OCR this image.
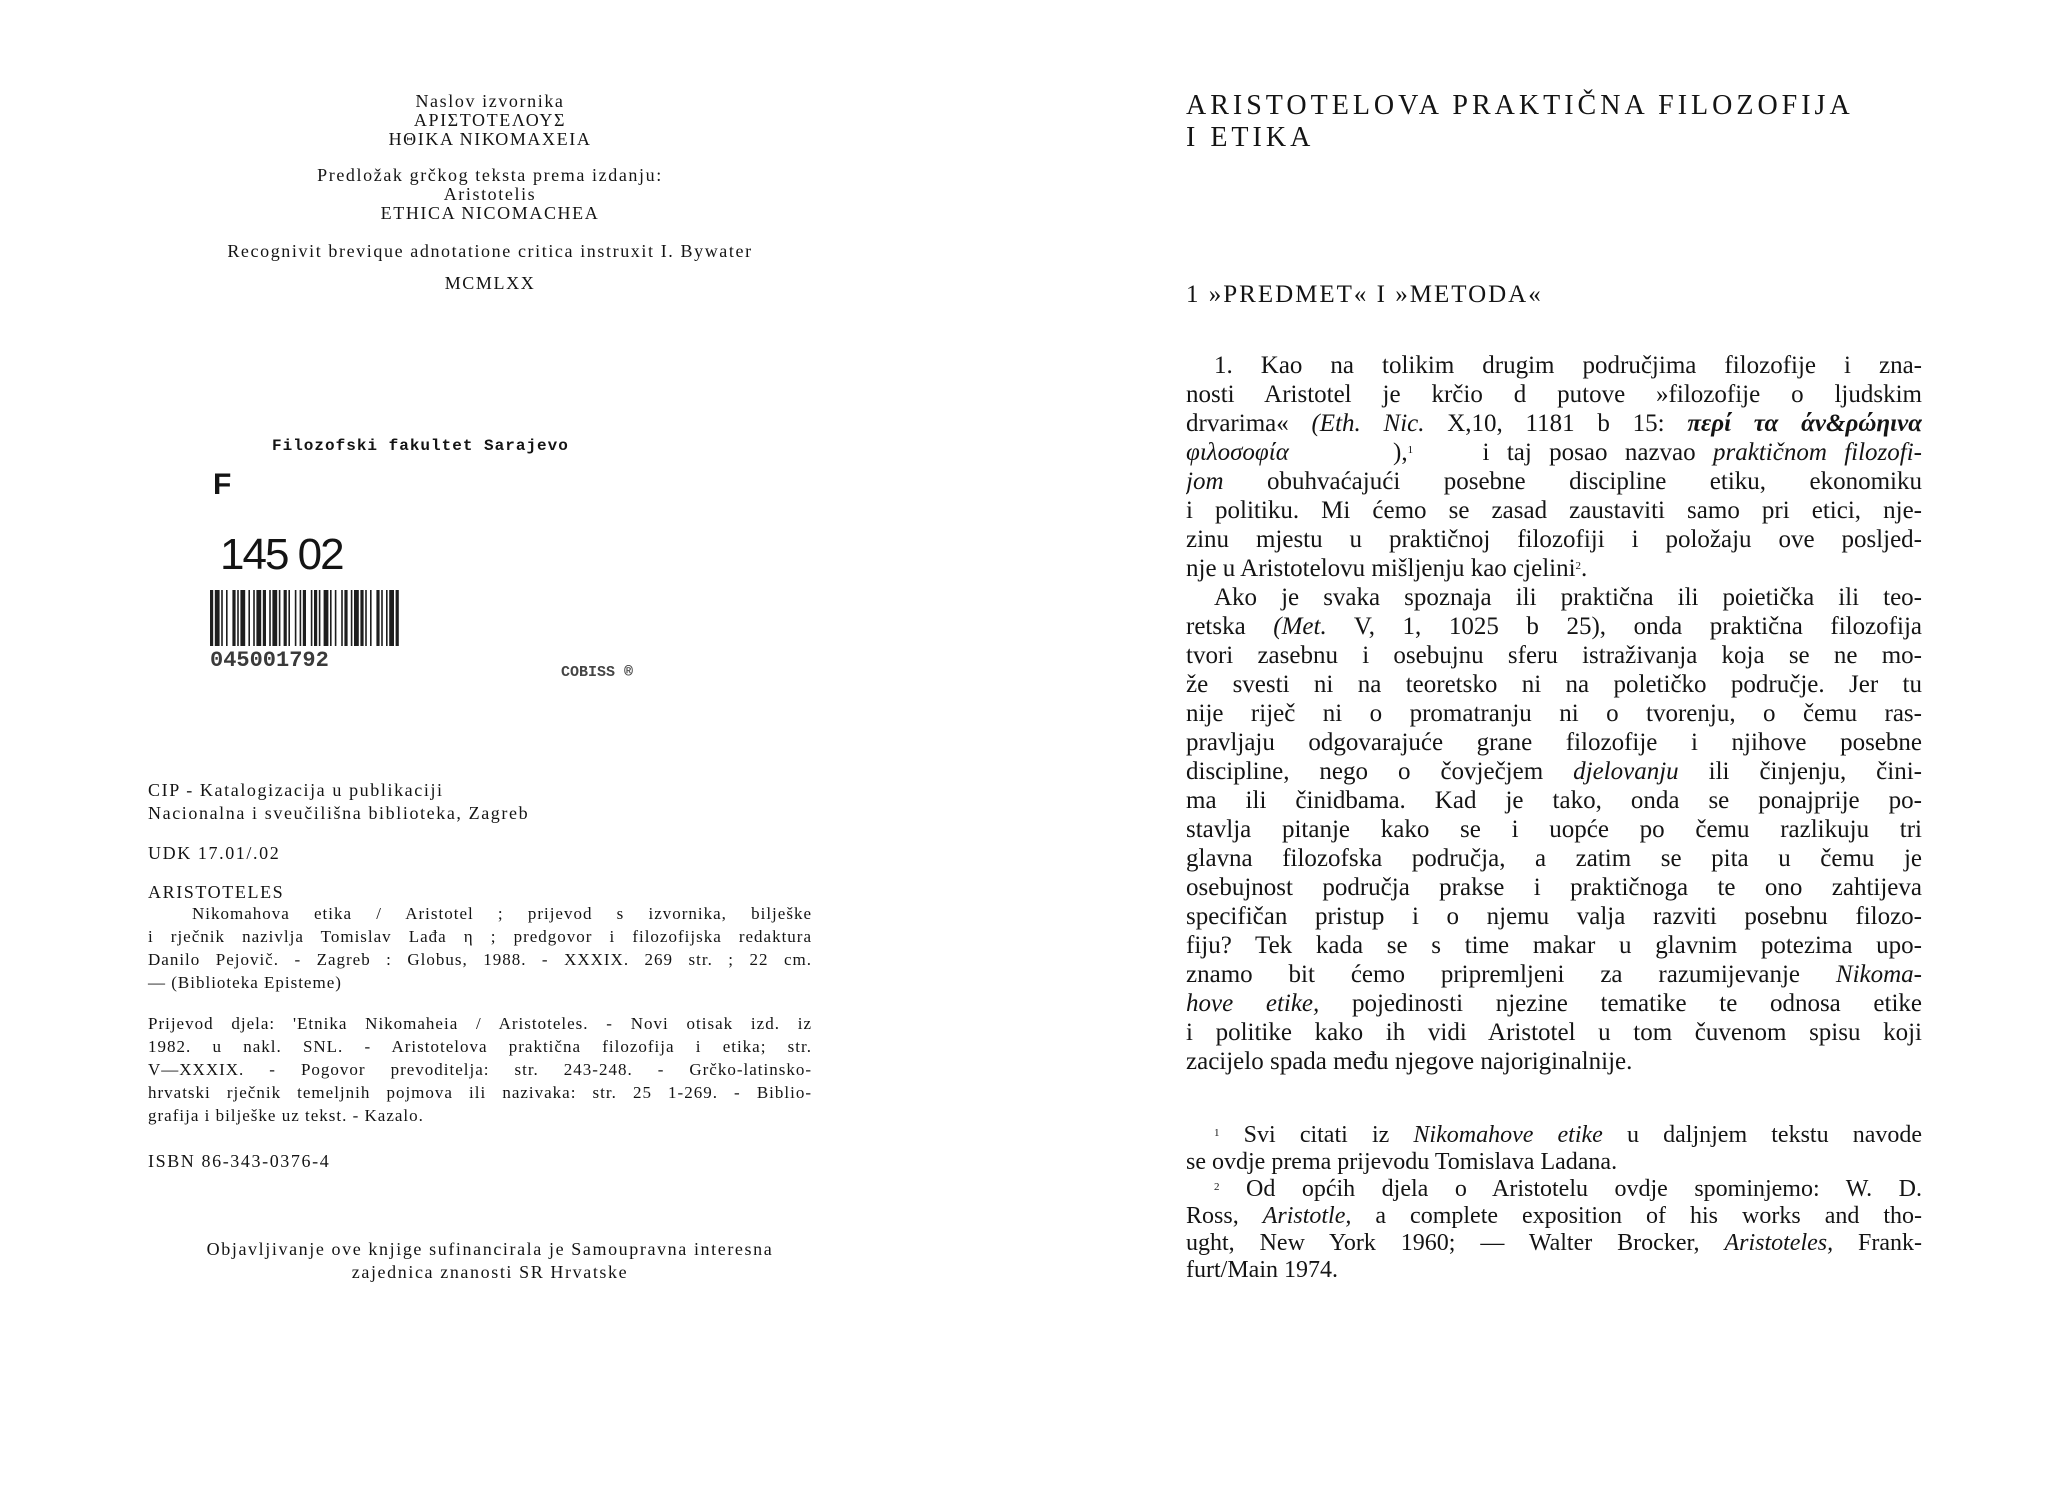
Naslov izvornika
ΑΡΙΣΤΟΤΕΛΟΥΣ
ΗΘΙΚΑ ΝΙΚΟΜΑΧΕΙΑ
Predložak grčkog teksta prema izdanju:
Aristotelis
ETHICA NICOMACHEA
Recognivit brevique adnotatione critica instruxit I. Bywater
MCMLXX
Filozofski fakultet Sarajevo
F
145 02
045001792	COBISS ®
CIP - Katalogizacija u publikaciji
Nacionalna i sveučilišna biblioteka, Zagreb
UDK 17.01/.02
ARISTOTELES
Nikomahova etika / Aristotel ; prijevod s izvornika, bilješke
i rječnik nazivlja Tomislav Lađa η ; predgovor i filozofijska redaktura
Danilo Pejovič. - Zagreb : Globus, 1988. - XXXIX. 269 str. ; 22 cm.
— (Biblioteka Episteme)
Prijevod djela: 'Etnika Nikomaheia / Aristoteles. - Novi otisak izd. iz
1982. u nakl. SNL. - Aristotelova praktična filozofija i etika; str.
V—XXXIX. - Pogovor prevoditelja: str. 243-248. - Grčko-latinsko-
hrvatski rječnik temeljnih pojmova ili nazivaka: str. 25 1-269. - Biblio-
grafija i bilješke uz tekst. - Kazalo.
ISBN 86-343-0376-4
Objavljivanje ove knjige sufinancirala je Samoupravna interesna
zajednica znanosti SR Hrvatske
ARISTOTELOVA PRAKTIČNA FILOZOFIJA
I ETIKA
1 »PREDMET« I »METODA«
1. Kao na tolikim drugim područjima filozofije i zna-
nosti Aristotel je krčio d putove »filozofije o ljudskim
drvarima« (Eth. Nic. X,10, 1181 b 15: περί τα άν&ρώηινα
φιλοσοφία	),$^1$	i taj posao nazvao praktičnom filozofi-
jom obuhvaćajući posebne discipline etiku, ekonomiku
i politiku. Mi ćemo se zasad zaustaviti samo pri etici, nje-
zinu mjestu u praktičnoj filozofiji i položaju ove posljed-
nje u Aristotelovu mišljenju kao cjelini$^2$.
Ako je svaka spoznaja ili praktična ili poietička ili teo-
retska (Met. V, 1, 1025 b 25), onda praktična filozofija
tvori zasebnu i osebujnu sferu istraživanja koja se ne mo-
že svesti ni na teoretsko ni na poletičko područje. Jer tu
nije riječ ni o promatranju ni o tvorenju, o čemu ras-
pravljaju odgovarajuće grane filozofije i njihove posebne
discipline, nego o čovječjem djelovanju ili činjenju, čini-
ma ili činidbama. Kad je tako, onda se ponajprije po-
stavlja pitanje kako se i uopće po čemu razlikuju tri
glavna filozofska područja, a zatim se pita u čemu je
osebujnost područja prakse i praktičnoga te ono zahtijeva
specifičan pristup i o njemu valja razviti posebnu filozo-
fiju? Tek kada se s time makar u glavnim potezima upo-
znamo bit ćemo pripremljeni za razumijevanje Nikoma-
hove etike, pojedinosti njezine tematike te odnosa etike
i politike kako ih vidi Aristotel u tom čuvenom spisu koji
zacijelo spada među njegove najoriginalnije.
$^1$ Svi citati iz Nikomahove etike u daljnjem tekstu navode
se ovdje prema prijevodu Tomislava Ladana.
$^2$ Od općih djela o Aristotelu ovdje spominjemo: W. D.
Ross, Aristotle, a complete exposition of his works and tho-
ught, New York 1960; — Walter Brocker, Aristoteles, Frank-
furt/Main 1974.
